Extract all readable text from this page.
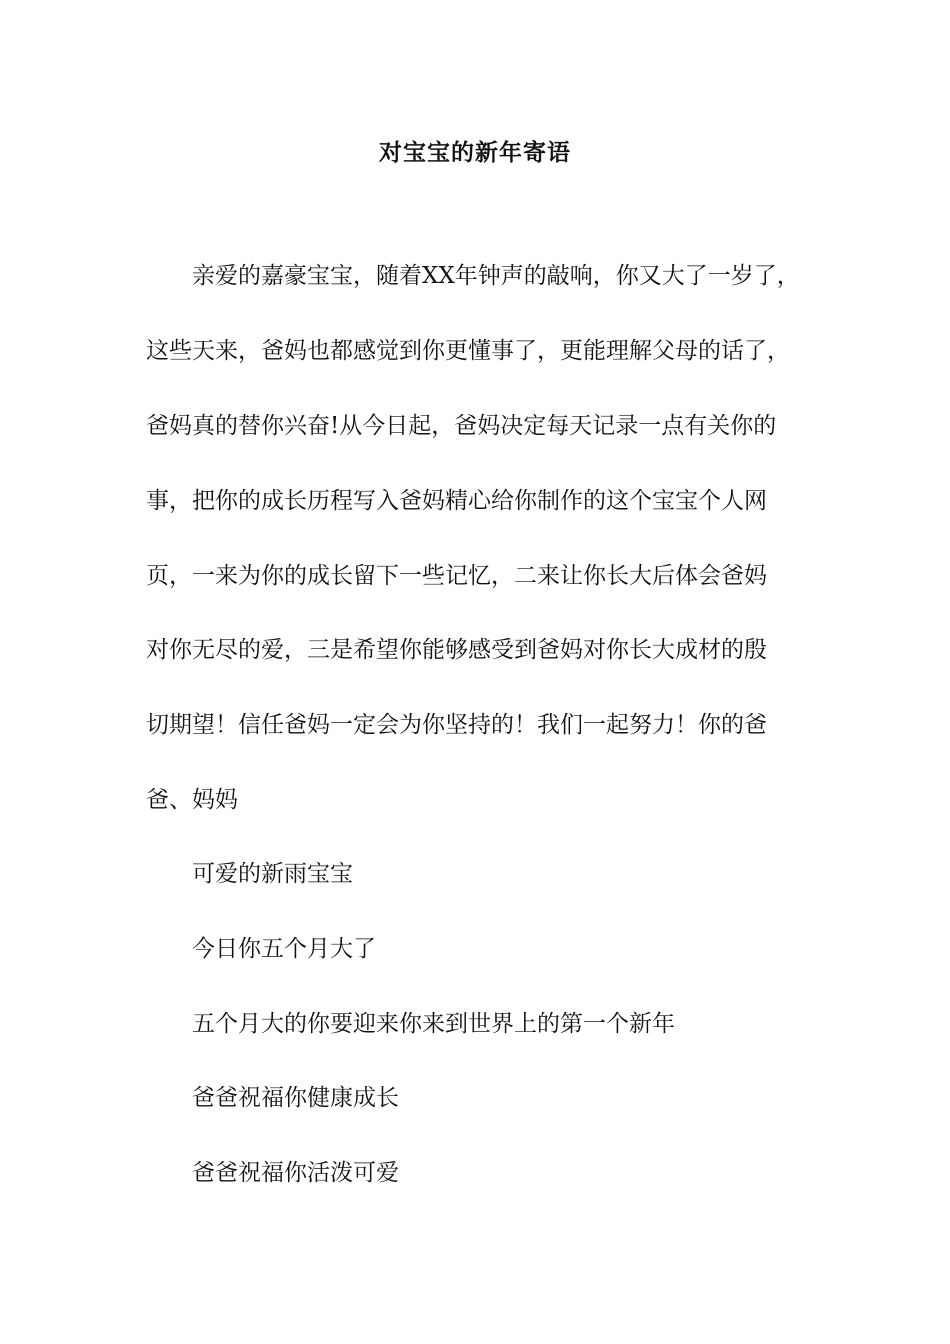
对宝宝的新年寄语
亲爱的嘉豪宝宝，随着XX年钟声的敲响，你又大了一岁了，
这些天来，爸妈也都感觉到你更懂事了，更能理解父母的话了，
爸妈真的替你兴奋!从今日起，爸妈决定每天记录一点有关你的
事，把你的成长历程写入爸妈精心给你制作的这个宝宝个人网
页，一来为你的成长留下一些记忆，二来让你长大后体会爸妈
对你无尽的爱，三是希望你能够感受到爸妈对你长大成材的殷
切期望！信任爸妈一定会为你坚持的！我们一起努力！你的爸
爸、妈妈
可爱的新雨宝宝
今日你五个月大了
五个月大的你要迎来你来到世界上的第一个新年
爸爸祝福你健康成长
爸爸祝福你活泼可爱
